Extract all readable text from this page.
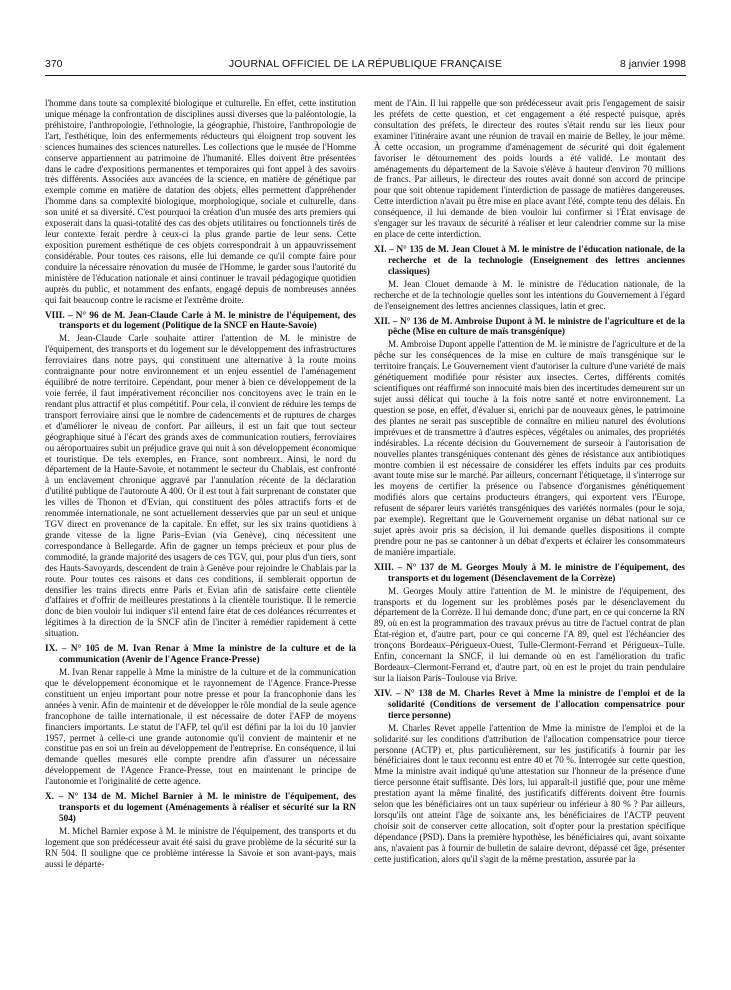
370	JOURNAL OFFICIEL DE LA RÉPUBLIQUE FRANÇAISE	8 janvier 1998

l'homme dans toute sa complexité biologique et culturelle. En effet, cette institution unique ménage la confrontation de disciplines aussi diverses que la paléontologie, la préhistoire, l'anthropologie, l'ethnologie, la géographie, l'histoire, l'anthropologie de l'art, l'esthétique, loin des enfermements réducteurs qui éloignent trop souvent les sciences humaines des sciences naturelles. Les collections que le musée de l'Homme conserve appartiennent au patrimoine de l'humanité. Elles doivent être présentées dans le cadre d'expositions permanentes et temporaires qui font appel à des savoirs très différents. Associées aux avancées de la science, en matière de génétique par exemple comme en matière de datation des objets, elles permettent d'appréhender l'homme dans sa complexité biologique, morphologique, sociale et culturelle, dans son unité et sa diversité. C'est pourquoi la création d'un musée des arts premiers qui exposerait dans la quasi-totalité des cas des objets utilitaires ou fonctionnels tirés de leur contexte ferait perdre à ceux-ci la plus grande partie de leur sens. Cette exposition purement esthétique de ces objets correspondrait à un appauvrissement considérable. Pour toutes ces raisons, elle lui demande ce qu'il compte faire pour conduire la nécessaire rénovation du musée de l'Homme, le garder sous l'autorité du ministère de l'éducation nationale et ainsi continuer le travail pédagogique quotidien auprès du public, et notamment des enfants, engagé depuis de nombreuses années qui fait beaucoup contre le racisme et l'extrême droite.

VIII. – N° 96 de M. Jean-Claude Carle à M. le ministre de l'équipement, des transports et du logement (Politique de la SNCF en Haute-Savoie)

M. Jean-Claude Carle souhaite attirer l'attention de M. le ministre de l'équipement, des transports et du logement sur le développement des infrastructures ferroviaires dans notre pays, qui constituent une alternative à la route moins contraignante pour notre environnement et un enjeu essentiel de l'aménagement équilibré de notre territoire. Cependant, pour mener à bien ce développement de la voie ferrée, il faut impérativement réconcilier nos concitoyens avec le train en le rendant plus attractif et plus compétitif. Pour cela, il convient de réduire les temps de transport ferroviaire ainsi que le nombre de cadencements et de ruptures de charges et d'améliorer le niveau de confort. Par ailleurs, il est un fait que tout secteur géographique situé à l'écart des grands axes de communication routiers, ferroviaires ou aéroportuaires subit un préjudice grave qui nuit à son développement économique et touristique. De tels exemples, en France, sont nombreux. Ainsi, le nord du département de la Haute-Savoie, et notamment le secteur du Chablais, est confronté à un enclavement chronique aggravé par l'annulation récente de la déclaration d'utilité publique de l'autoroute A 400. Or il est tout à fait surprenant de constater que les villes de Thonon et d'Evian, qui constituent des pôles attractifs forts et de renommée internationale, ne sont actuellement desservies que par un seul et unique TGV direct en provenance de la capitale. En effet, sur les six trains quotidiens à grande vitesse de la ligne Paris–Evian (via Genève), cinq nécessitent une correspondance à Bellegarde. Afin de gagner un temps précieux et pour plus de commodité, la grande majorité des usagers de ces TGV, qui, pour plus d'un tiers, sont des Hauts-Savoyards, descendent de train à Genève pour rejoindre le Chablais par la route. Pour toutes ces raisons et dans ces conditions, il semblerait opportun de densifier les trains directs entre Paris et Evian afin de satisfaire cette clientèle d'affaires et d'offrir de meilleures prestations à la clientèle touristique. Il le remercie donc de bien vouloir lui indiquer s'il entend faire état de ces doléances récurrentes et légitimes à la direction de la SNCF afin de l'inciter à remédier rapidement à cette situation.

IX. – N° 105 de M. Ivan Renar à Mme la ministre de la culture et de la communication (Avenir de l'Agence France-Presse)

M. Ivan Renar rappelle à Mme la ministre de la culture et de la communication que le développement économique et le rayonnement de l'Agence France-Presse constituent un enjeu important pour notre presse et pour la francophonie dans les années à venir. Afin de maintenir et de développer le rôle mondial de la seule agence francophone de taille internationale, il est nécessaire de doter l'AFP de moyens financiers importants. Le statut de l'AFP, tel qu'il est défini par la loi du 10 janvier 1957, permet à celle-ci une grande autonomie qu'il convient de maintenir et ne constitue pas en soi un frein au développement de l'entreprise. En conséquence, il lui demande quelles mesures elle compte prendre afin d'assurer un nécessaire développement de l'Agence France-Presse, tout en maintenant le principe de l'autonomie et l'originalité de cette agence.

X. – N° 134 de M. Michel Barnier à M. le ministre de l'équipement, des transports et du logement (Aménagements à réaliser et sécurité sur la RN 504)

M. Michel Barnier expose à M. le ministre de l'équipement, des transports et du logement que son prédécesseur avait été saisi du grave problème de la sécurité sur la RN 504. Il souligne que ce problème intéresse la Savoie et son avant-pays, mais aussi le départe-

ment de l'Ain. Il lui rappelle que son prédécesseur avait pris l'engagement de saisir les préfets de cette question, et cet engagement a été respecté puisque, après consultation des préfets, le directeur des routes s'était rendu sur les lieux pour examiner l'itinéraire avant une réunion de travail en mairie de Belley, le jour même. À cette occasion, un programme d'aménagement de sécurité qui doit également favoriser le détournement des poids lourds a été validé. Le montant des aménagements du département de la Savoie s'élève à hauteur d'environ 70 millions de francs. Par ailleurs, le directeur des routes avait donné son accord de principe pour que soit obtenue rapidement l'interdiction de passage de matières dangereuses. Cette interdiction n'avait pu être mise en place avant l'été, compte tenu des délais. En conséquence, il lui demande de bien vouloir lui confirmer si l'État envisage de s'engager sur les travaux de sécurité à réaliser et leur calendrier comme sur la mise en place de cette interdiction.

XI. – N° 135 de M. Jean Clouet à M. le ministre de l'éducation nationale, de la recherche et de la technologie (Enseignement des lettres anciennes classiques)

M. Jean Clouet demande à M. le ministre de l'éducation nationale, de la recherche et de la technologie quelles sont les intentions du Gouvernement à l'égard de l'enseignement des lettres anciennes classiques, latin et grec.

XII. – N° 136 de M. Ambroise Dupont à M. le ministre de l'agriculture et de la pêche (Mise en culture de maïs transgénique)

M. Ambroise Dupont appelle l'attention de M. le ministre de l'agriculture et de la pêche sur les conséquences de la mise en culture de maïs transgénique sur le territoire français. Le Gouvernement vient d'autoriser la culture d'une variété de maïs génétiquement modifiée pour résister aux insectes. Certes, différents comités scientifiques ont réaffirmé son innocuité mais bien des incertitudes demeurent sur un sujet aussi délicat qui touche à la fois notre santé et notre environnement. La question se pose, en effet, d'évaluer si, enrichi par de nouveaux gènes, le patrimoine des plantes ne serait pas susceptible de connaître en milieu naturel des évolutions imprévues et de transmettre à d'autres espèces, végétales ou animales, des propriétés indésirables. La récente décision du Gouvernement de surseoir à l'autorisation de nouvelles plantes transgéniques contenant des gènes de résistance aux antibiotiques montre combien il est nécessaire de considérer les effets induits par ces produits avant toute mise sur le marché. Par ailleurs, concernant l'étiquetage, il s'interroge sur les moyens de certifier la présence ou l'absence d'organismes génétiquement modifiés alors que certains producteurs étrangers, qui exportent vers l'Europe, refusent de séparer leurs variétés transgéniques des variétés normales (pour le soja, par exemple). Regrettant que le Gouvernement organise un débat national sur ce sujet après avoir pris sa décision, il lui demande quelles dispositions il compte prendre pour ne pas se cantonner à un débat d'experts et éclairer les consommateurs de manière impartiale.

XIII. – N° 137 de M. Georges Mouly à M. le ministre de l'équipement, des transports et du logement (Désenclavement de la Corrèze)

M. Georges Mouly attire l'attention de M. le ministre de l'équipement, des transports et du logement sur les problèmes posés par le désenclavement du département de la Corrèze. Il lui demande donc, d'une part, en ce qui concerne la RN 89, où en est la programmation des travaux prévus au titre de l'actuel contrat de plan État-région et, d'autre part, pour ce qui concerne l'A 89, quel est l'échéancier des tronçons Bordeaux–Périgueux-Ouest, Tulle-Clermont-Ferrand et Périgueux–Tulle. Enfin, concernant la SNCF, il lui demande où en est l'amélioration du trafic Bordeaux–Clermont-Ferrand et, d'autre part, où en est le projet du train pendulaire sur la liaison Paris–Toulouse via Brive.

XIV. – N° 138 de M. Charles Revet à Mme la ministre de l'emploi et de la solidarité (Conditions de versement de l'allocation compensatrice pour tierce personne)

M. Charles Revet appelle l'attention de Mme la ministre de l'emploi et de la solidarité sur les conditions d'attribution de l'allocation compensatrice pour tierce personne (ACTP) et, plus particulièrement, sur les justificatifs à fournir par les bénéficiaires dont le taux reconnu est entre 40 et 70 %. Interrogée sur cette question, Mme la ministre avait indiqué qu'une attestation sur l'honneur de la présence d'une tierce personne était suffisante. Dès lors, lui apparaît-il justifié que, pour une même prestation ayant la même finalité, des justificatifs différents doivent être fournis selon que les bénéficiaires ont un taux supérieur ou inférieur à 80 % ? Par ailleurs, lorsqu'ils ont atteint l'âge de soixante ans, les bénéficiaires de l'ACTP peuvent choisir soit de conserver cette allocation, soit d'opter pour la prestation spécifique dépendance (PSD). Dans la première hypothèse, les bénéficiaires qui, avant soixante ans, n'avaient pas à fournir de bulletin de salaire devront, dépassé cet âge, présenter cette justification, alors qu'il s'agit de la même prestation, assurée par la
